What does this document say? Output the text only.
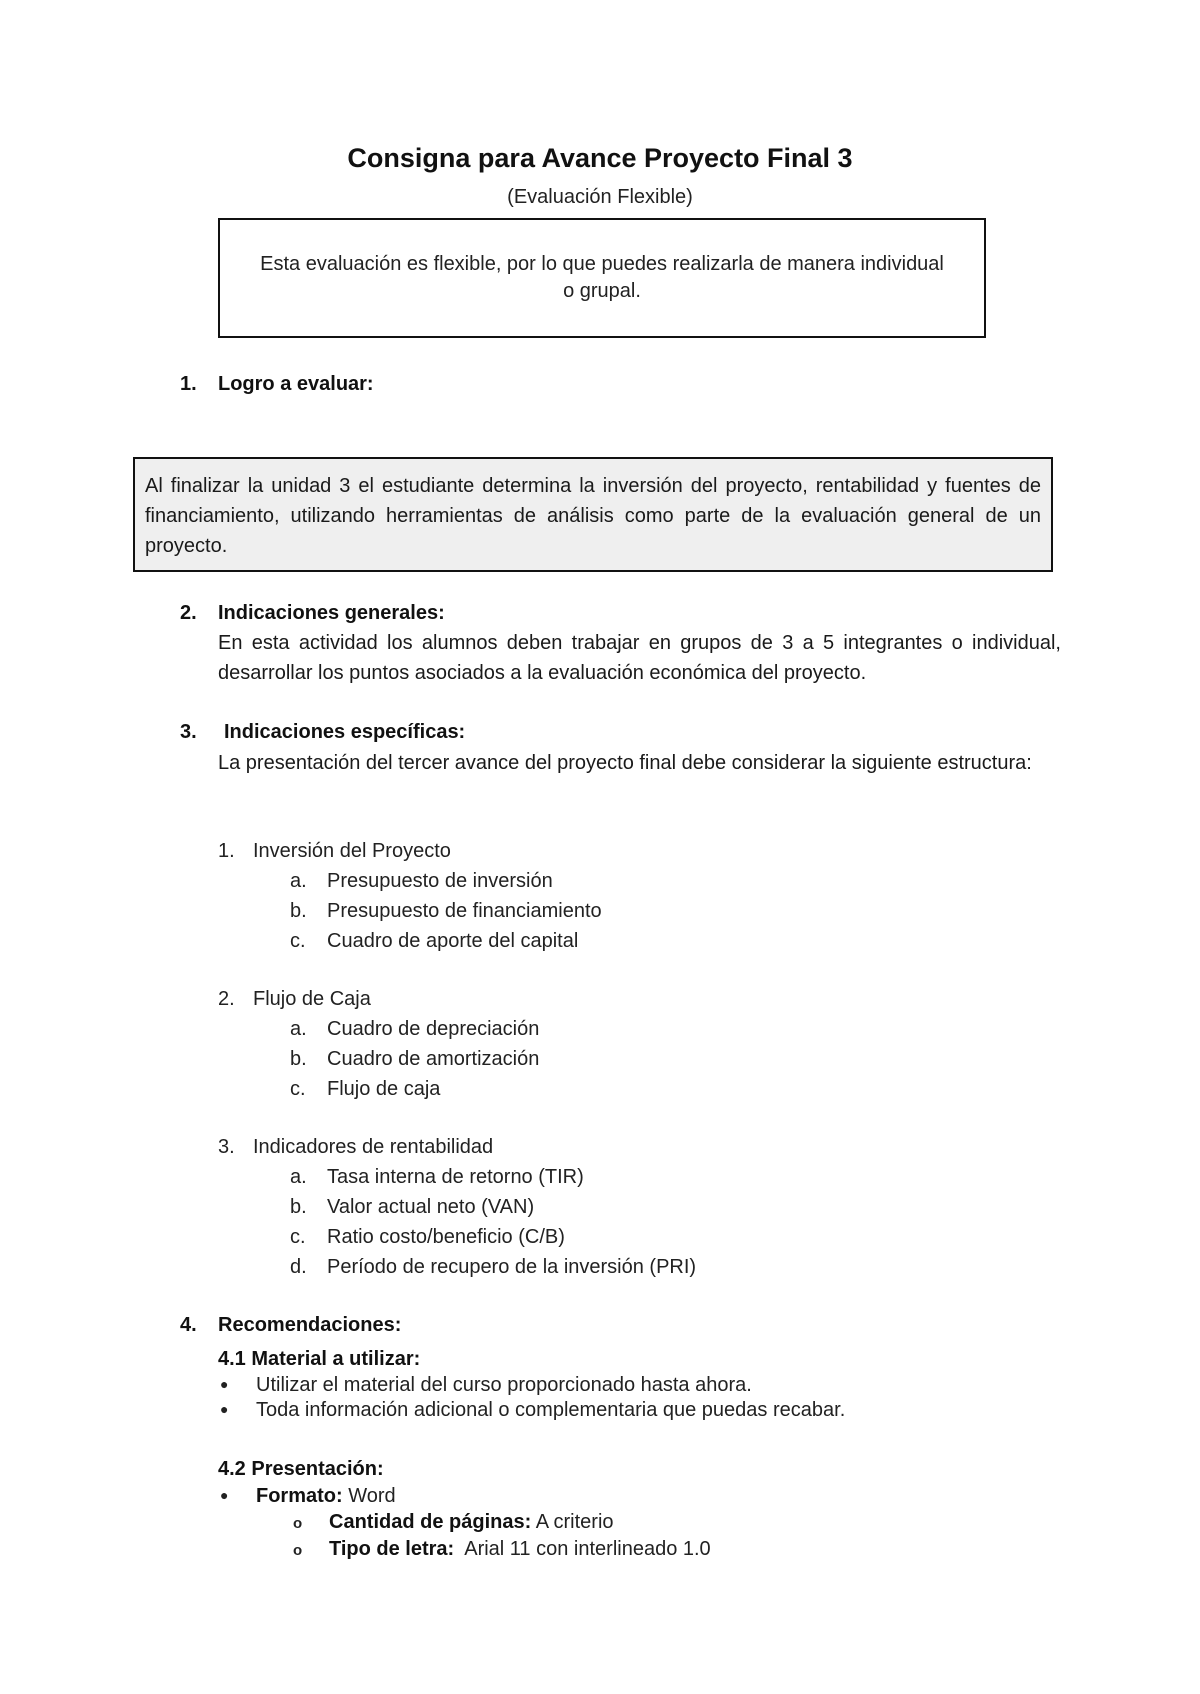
Consigna para Avance Proyecto Final 3
(Evaluación Flexible)
Esta evaluación es flexible, por lo que puedes realizarla de manera individual o grupal.
1. Logro a evaluar:
Al finalizar la unidad 3 el estudiante determina la inversión del proyecto, rentabilidad y fuentes de financiamiento, utilizando herramientas de análisis como parte de la evaluación general de un proyecto.
2. Indicaciones generales:
En esta actividad los alumnos deben trabajar en grupos de 3 a 5 integrantes o individual, desarrollar los puntos asociados a la evaluación económica del proyecto.
3. Indicaciones específicas:
La presentación del tercer avance del proyecto final debe considerar la siguiente estructura:
1. Inversión del Proyecto
a. Presupuesto de inversión
b. Presupuesto de financiamiento
c. Cuadro de aporte del capital
2. Flujo de Caja
a. Cuadro de depreciación
b. Cuadro de amortización
c. Flujo de caja
3. Indicadores de rentabilidad
a. Tasa interna de retorno (TIR)
b. Valor actual neto (VAN)
c. Ratio costo/beneficio (C/B)
d. Período de recupero de la inversión (PRI)
4. Recomendaciones:
4.1 Material a utilizar:
● Utilizar el material del curso proporcionado hasta ahora.
● Toda información adicional o complementaria que puedas recabar.
4.2 Presentación:
● Formato: Word
o Cantidad de páginas: A criterio
o Tipo de letra:  Arial 11 con interlineado 1.0
